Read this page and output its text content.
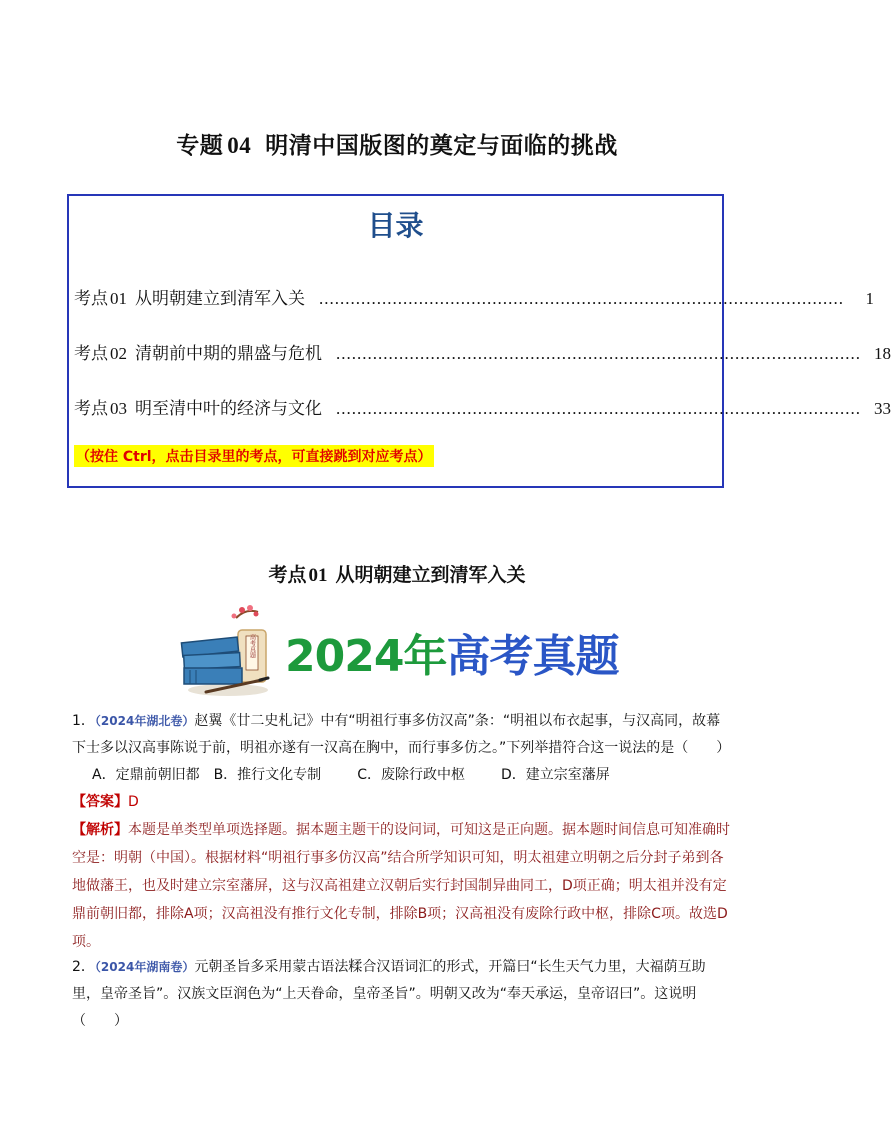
专题 04 明清中国版图的奠定与面临的挑战
目录
考点 01 从明朝建立到清军入关 ....................................................................................................	1
考点 02 清朝前中期的鼎盛与危机 .................................................................................................... 18
考点 03 明至清中叶的经济与文化 .................................................................................................... 33
（按住 Ctrl，点击目录里的考点，可直接跳到对应考点）
考点 01 从明朝建立到清军入关
高考真题 2024年高考真题
1．（2024年湖北卷）赵翼《廿二史札记》中有“明祖行事多仿汉高”条：“明祖以布衣起事，与汉高同，故幕
下士多以汉高事陈说于前，明祖亦遂有一汉高在胸中，而行事多仿之。”下列举措符合这一说法的是（　　）
A．定鼎前朝旧都 B．推行文化专制	C．废除行政中枢	D．建立宗室藩屏
【答案】D
【解析】本题是单类型单项选择题。据本题主题干的设问词，可知这是正向题。据本题时间信息可知准确时空是：明朝（中国）。根据材料“明祖行事多仿汉高”结合所学知识可知，明太祖建立明朝之后分封子弟到各地做藩王，也及时建立宗室藩屏，这与汉高祖建立汉朝后实行封国制异曲同工，D项正确；明太祖并没有定鼎前朝旧都，排除A项；汉高祖没有推行文化专制，排除B项；汉高祖没有废除行政中枢，排除C项。故选D项。
2．（2024年湖南卷）元朝圣旨多采用蒙古语法糅合汉语词汇的形式，开篇曰“长生天气力里，大福荫互助里，皇帝圣旨”。汉族文臣润色为“上天眷命，皇帝圣旨”。明朝又改为“奉天承运，皇帝诏曰”。这说明（　　）
